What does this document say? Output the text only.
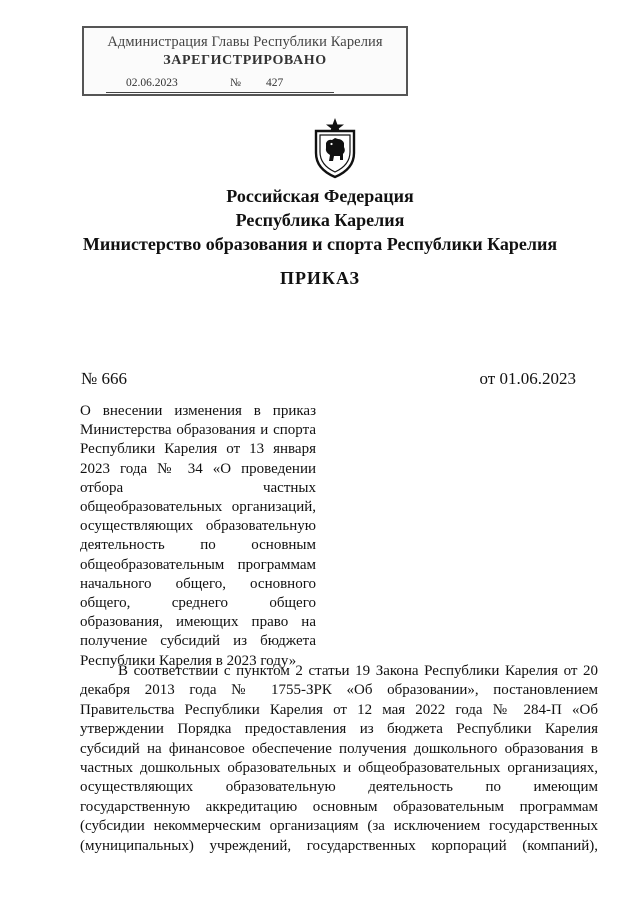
Администрация Главы Республики Карелия
ЗАРЕГИСТРИРОВАНО
02.06.2023	№ 427
Российская Федерация
Республика Карелия
Министерство образования и спорта Республики Карелия
ПРИКАЗ
№ 666	от 01.06.2023

О внесении изменения в приказ
Министерства образования и спорта
Республики Карелия от 13 января
2023 года № 34 «О проведении
отбора частных
общеобразовательных организаций,
осуществляющих образовательную
деятельность по основным
общеобразовательным программам
начального общего, основного
общего, среднего общего
образования, имеющих право на
получение субсидий из бюджета
Республики Карелия в 2023 году»

В соответствии с пунктом 2 статьи 19 Закона Республики Карелия от 20
декабря 2013 года № 1755-ЗРК «Об образовании», постановлением
Правительства Республики Карелия от 12 мая 2022 года № 284-П «Об
утверждении Порядка предоставления из бюджета Республики Карелия
субсидий на финансовое обеспечение получения дошкольного образования в
частных дошкольных образовательных и общеобразовательных организациях,
осуществляющих образовательную деятельность по имеющим
государственную аккредитацию основным образовательным программам
(субсидии некоммерческим организациям (за исключением государственных
(муниципальных) учреждений, государственных корпораций (компаний),
